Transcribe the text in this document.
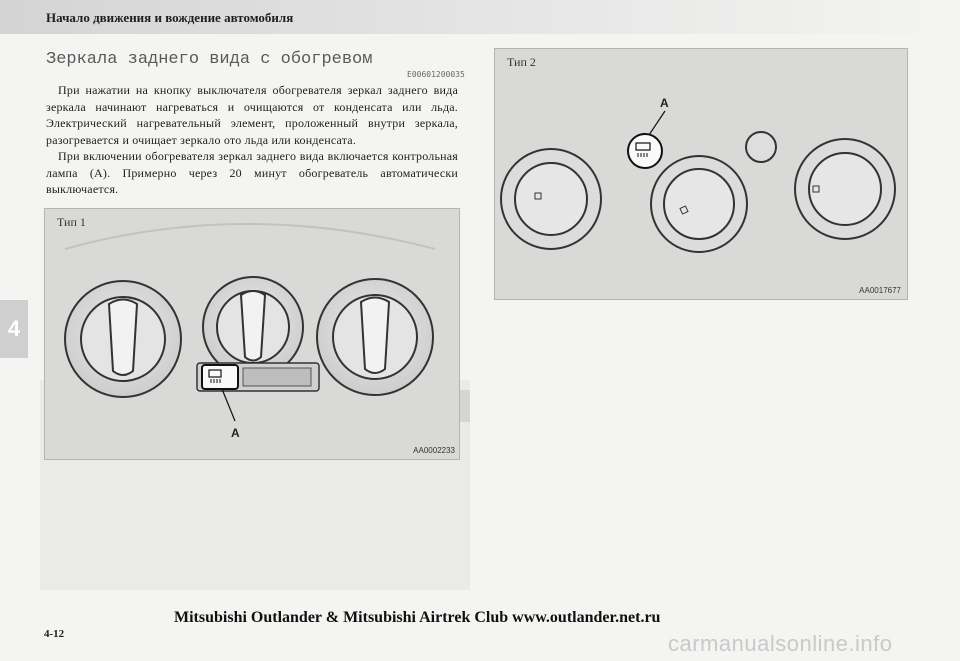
Начало движения и вождение автомобиля
Зеркала заднего вида с обогревом
E00601200035

При нажатии на кнопку выключателя обогревателя зеркал заднего вида зеркала начинают нагреваться и очищаются от конденсата или льда. Электрический нагревательный элемент, проложенный внутри зеркала, разогревается и очищает зеркало ото льда или конденсата.

При включении обогревателя зеркал заднего вида включается контрольная лампа (A). Примерно через 20 минут обогреватель автоматически выключается.

A
Тип 1
AA0002233
A
Тип 2
AA0017677
4
Mitsubishi Outlander & Mitsubishi Airtrek Club www.outlander.net.ru
4-12	carmanualsonline.info
